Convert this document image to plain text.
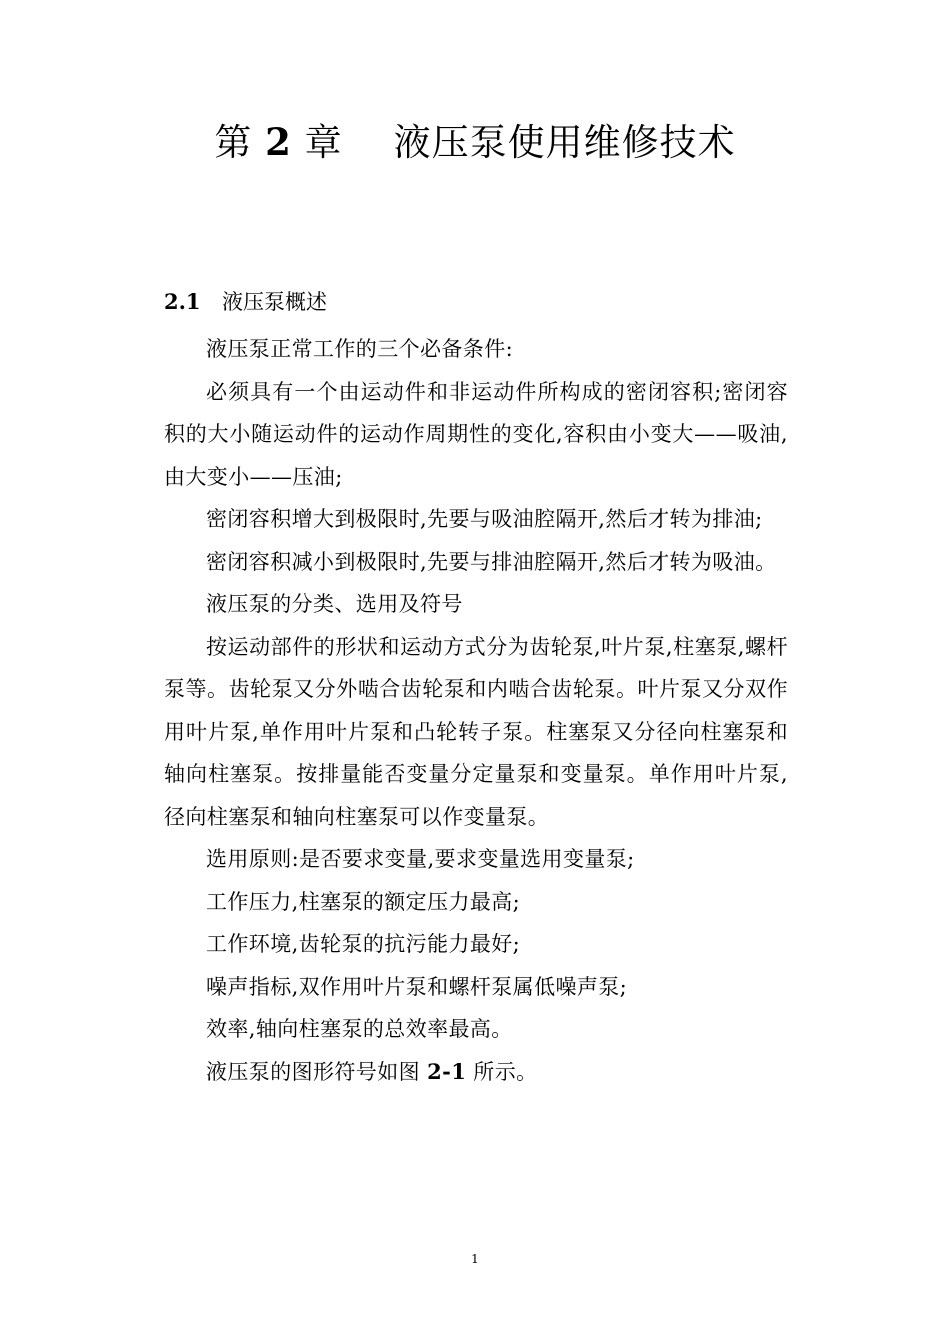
第 2 章 液压泵使用维修技术
2.1 液压泵概述

液压泵正常工作的三个必备条件:

必须具有一个由运动件和非运动件所构成的密闭容积;密闭容积的大小随运动件的运动作周期性的变化,容积由小变大——吸油,由大变小——压油;

密闭容积增大到极限时,先要与吸油腔隔开,然后才转为排油;

密闭容积减小到极限时,先要与排油腔隔开,然后才转为吸油。

液压泵的分类、选用及符号

按运动部件的形状和运动方式分为齿轮泵,叶片泵,柱塞泵,螺杆泵等。齿轮泵又分外啮合齿轮泵和内啮合齿轮泵。叶片泵又分双作用叶片泵,单作用叶片泵和凸轮转子泵。柱塞泵又分径向柱塞泵和轴向柱塞泵。按排量能否变量分定量泵和变量泵。单作用叶片泵,径向柱塞泵和轴向柱塞泵可以作变量泵。

选用原则:是否要求变量,要求变量选用变量泵;

工作压力,柱塞泵的额定压力最高;

工作环境,齿轮泵的抗污能力最好;

噪声指标,双作用叶片泵和螺杆泵属低噪声泵;

效率,轴向柱塞泵的总效率最高。

液压泵的图形符号如图 2-1 所示。

1
